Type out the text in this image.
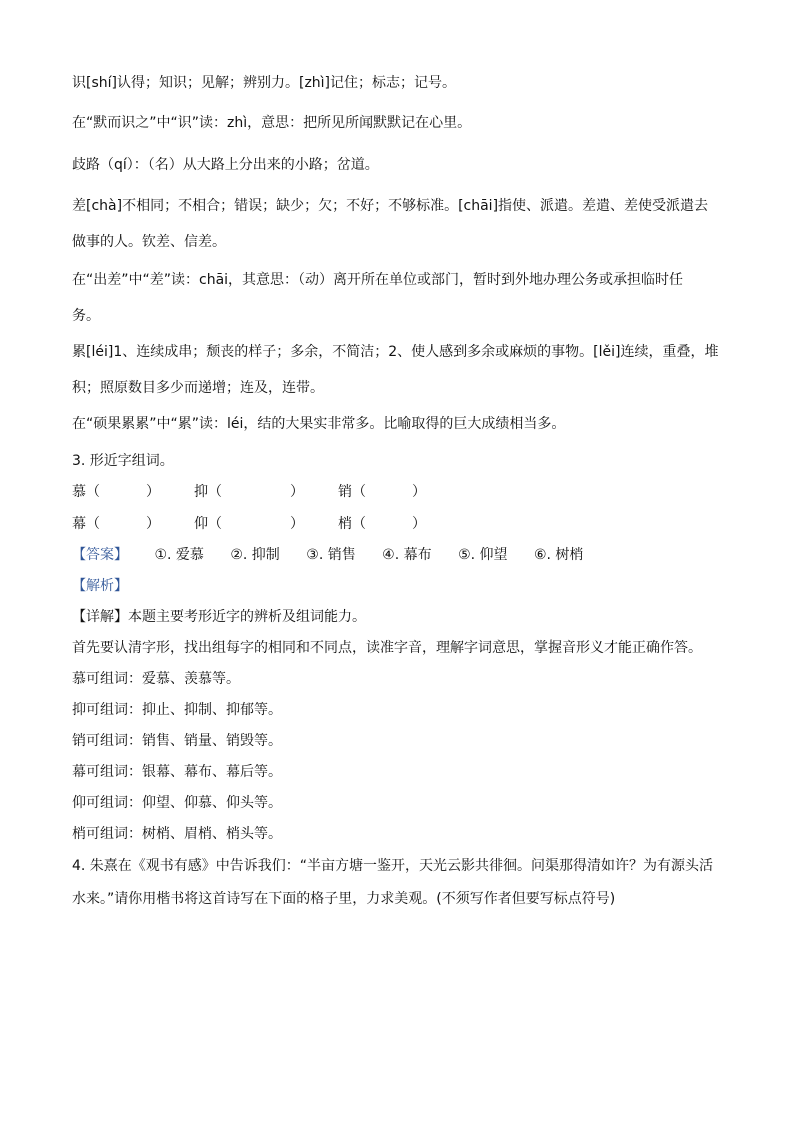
识[shí]认得；知识；见解；辨别力。[zhì]记住；标志；记号。
在“默而识之”中“识”读：zhì，意思：把所见所闻默默记在心里。
歧路（qí）：（名）从大路上分出来的小路；岔道。
差[chà]不相同；不相合；错误；缺少；欠；不好；不够标准。[chāi]指使、派遣。差遣、差使受派遣去
做事的人。钦差、信差。
在“出差”中“差”读：chāi，其意思：（动）离开所在单位或部门，暂时到外地办理公务或承担临时任
务。
累[léi]1、连续成串；颓丧的样子；多余，不简洁；2、使人感到多余或麻烦的事物。[lěi]连续，重叠，堆
积；照原数目多少而递增；连及，连带。
在“硕果累累”中“累”读：léi，结的大果实非常多。比喻取得的巨大成绩相当多。
3. 形近字组词。
慕（	） 抑（	） 销（	）
幕（	） 仰（	） 梢（	）
【答案】 ①. 爱慕 ②. 抑制 ③. 销售 ④. 幕布 ⑤. 仰望 ⑥. 树梢
【解析】
【详解】本题主要考形近字的辨析及组词能力。
首先要认清字形，找出组每字的相同和不同点，读准字音，理解字词意思，掌握音形义才能正确作答。
慕可组词：爱慕、羡慕等。
抑可组词：抑止、抑制、抑郁等。
销可组词：销售、销量、销毁等。
幕可组词：银幕、幕布、幕后等。
仰可组词：仰望、仰慕、仰头等。
梢可组词：树梢、眉梢、梢头等。
4. 朱熹在《观书有感》中告诉我们：“半亩方塘一鉴开，天光云影共徘徊。问渠那得清如许？为有源头活
水来。”请你用楷书将这首诗写在下面的格子里，力求美观。(不须写作者但要写标点符号)
